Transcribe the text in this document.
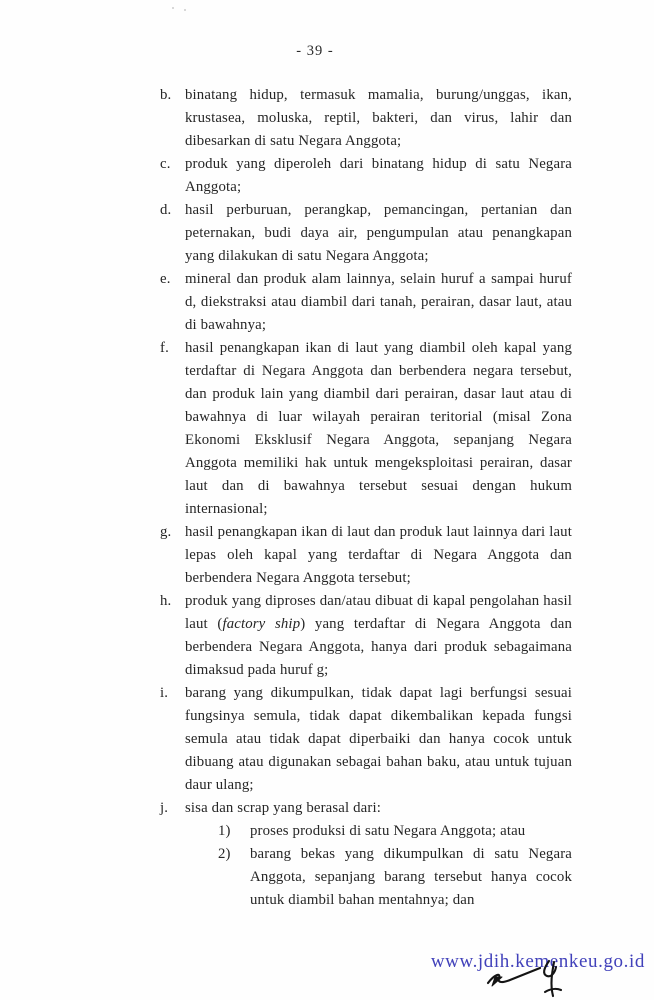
- 39 -
b. binatang hidup, termasuk mamalia, burung/unggas, ikan, krustasea, moluska, reptil, bakteri, dan virus, lahir dan dibesarkan di satu Negara Anggota;
c. produk yang diperoleh dari binatang hidup di satu Negara Anggota;
d. hasil perburuan, perangkap, pemancingan, pertanian dan peternakan, budi daya air, pengumpulan atau penangkapan yang dilakukan di satu Negara Anggota;
e. mineral dan produk alam lainnya, selain huruf a sampai huruf d, diekstraksi atau diambil dari tanah, perairan, dasar laut, atau di bawahnya;
f.	hasil penangkapan ikan di laut yang diambil oleh kapal yang terdaftar di Negara Anggota dan berbendera negara tersebut, dan produk lain yang diambil dari perairan, dasar laut atau di bawahnya di luar wilayah perairan teritorial (misal Zona Ekonomi Eksklusif Negara Anggota, sepanjang Negara Anggota memiliki hak untuk mengeksploitasi perairan, dasar laut dan di bawahnya tersebut sesuai dengan hukum internasional;
g. hasil penangkapan ikan di laut dan produk laut lainnya dari laut lepas oleh kapal yang terdaftar di Negara Anggota dan berbendera Negara Anggota tersebut;
h. produk yang diproses dan/atau dibuat di kapal pengolahan hasil laut (factory ship) yang terdaftar di Negara Anggota dan berbendera Negara Anggota, hanya dari produk sebagaimana dimaksud pada huruf g;
i.	barang yang dikumpulkan, tidak dapat lagi berfungsi sesuai fungsinya semula, tidak dapat dikembalikan kepada fungsi semula atau tidak dapat diperbaiki dan hanya cocok untuk dibuang atau digunakan sebagai bahan baku, atau untuk tujuan daur ulang;
j.	sisa dan scrap yang berasal dari:
1)	proses produksi di satu Negara Anggota; atau
2)	barang bekas yang dikumpulkan di satu Negara Anggota, sepanjang barang tersebut hanya cocok untuk diambil bahan mentahnya; dan
www.jdih.kemenkeu.go.id
